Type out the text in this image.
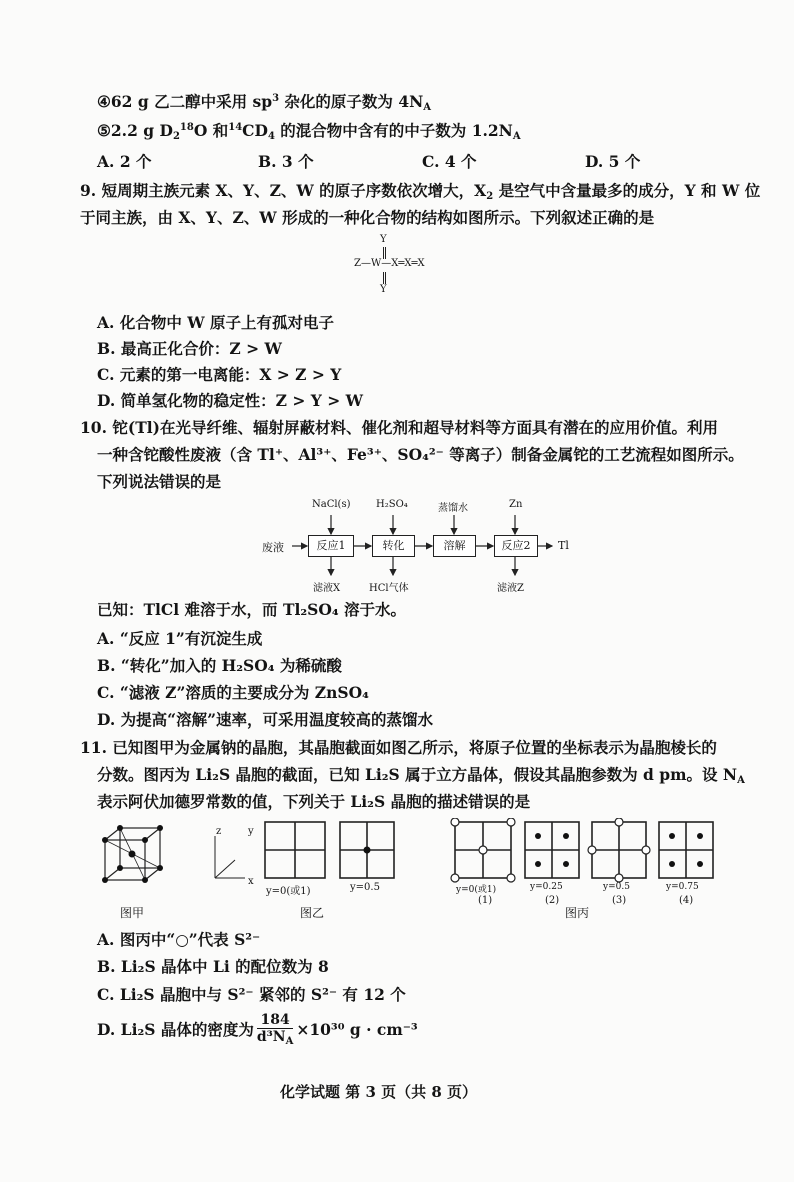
④62 g 乙二醇中采用 $sp^3$ 杂化的原子数为 $4N_A$
⑤2.2 g $D_2^{18}O$ 和$^{14}CD_4$ 的混合物中含有的中子数为 $1.2N_A$
A. 2 个	B. 3 个	C. 4 个	D. 5 个
9. 短周期主族元素 X、Y、Z、W 的原子序数依次增大，$X_2$ 是空气中含量最多的成分，Y 和 W 位
于同主族，由 X、Y、Z、W 形成的一种化合物的结构如图所示。下列叙述正确的是
Y
Z—W—X═X═X
Y
A. 化合物中 W 原子上有孤对电子
B. 最高正化合价：Z > W
C. 元素的第一电离能：X > Z > Y
D. 简单氢化物的稳定性：Z > Y > W
10. 铊(Tl)在光导纤维、辐射屏蔽材料、催化剂和超导材料等方面具有潜在的应用价值。利用
一种含铊酸性废液（含 Tl⁺、Al³⁺、Fe³⁺、SO₄²⁻ 等离子）制备金属铊的工艺流程如图所示。
下列说法错误的是
废液	反应1	转化	溶解	反应2	Tl
NaCl(s)	H₂SO₄	蒸馏水	Zn
滤液X	HCl气体	滤液Z
已知：TlCl 难溶于水，而 Tl₂SO₄ 溶于水。
A. “反应 1”有沉淀生成
B. “转化”加入的 H₂SO₄ 为稀硫酸
C. “滤液 Z”溶质的主要成分为 ZnSO₄
D. 为提高“溶解”速率，可采用温度较高的蒸馏水
11. 已知图甲为金属钠的晶胞，其晶胞截面如图乙所示，将原子位置的坐标表示为晶胞棱长的
分数。图丙为 Li₂S 晶胞的截面，已知 Li₂S 属于立方晶体，假设其晶胞参数为 d pm。设 $N_A$
表示阿伏加德罗常数的值，下列关于 Li₂S 晶胞的描述错误的是
y
z
x
y=0(或1)	y=0.5	y=0(或1)	y=0.25	y=0.5	y=0.75
(1)	(2)	(3)	(4)
图甲	图乙	图丙
A. 图丙中“○”代表 S²⁻
B. Li₂S 晶体中 Li 的配位数为 8
C. Li₂S 晶胞中与 S²⁻ 紧邻的 S²⁻ 有 12 个
D. Li₂S 晶体的密度为 $\frac{184}{d^3N_A} \times 10^{30}$ g · cm⁻³
化学试题 第 3 页（共 8 页）
